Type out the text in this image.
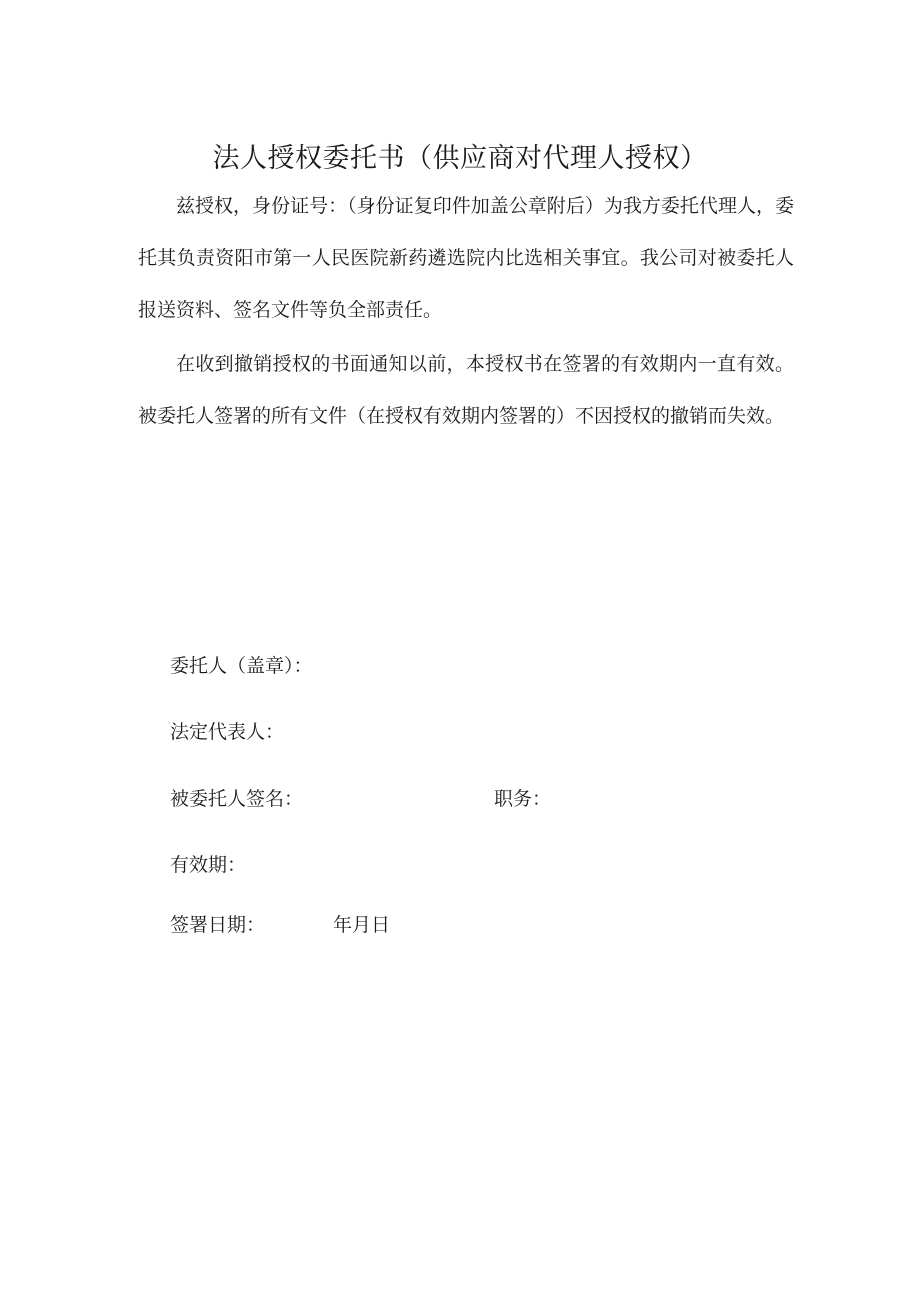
法人授权委托书（供应商对代理人授权）

兹授权，身份证号：（身份证复印件加盖公章附后）为我方委托代理人，委托其负责资阳市第一人民医院新药遴选院内比选相关事宜。我公司对被委托人报送资料、签名文件等负全部责任。

在收到撤销授权的书面通知以前，本授权书在签署的有效期内一直有效。被委托人签署的所有文件（在授权有效期内签署的）不因授权的撤销而失效。

委托人（盖章）：
法定代表人：
被委托人签名：	职务：
有效期：
签署日期：	年月日
